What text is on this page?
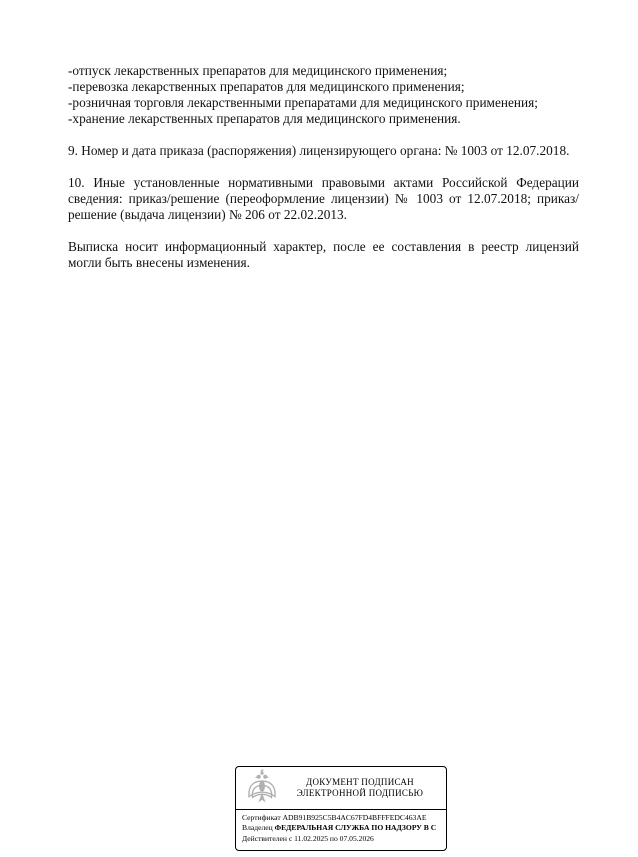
-отпуск лекарственных препаратов для медицинского применения;
-перевозка лекарственных препаратов для медицинского применения;
-розничная торговля лекарственными препаратами для медицинского применения;
-хранение лекарственных препаратов для медицинского применения.

9. Номер и дата приказа (распоряжения) лицензирующего органа: № 1003 от 12.07.2018.

10. Иные установленные нормативными правовыми актами Российской Федерации сведения: приказ/решение (переоформление лицензии) № 1003 от 12.07.2018; приказ/решение (выдача лицензии) № 206 от 22.02.2013.

Выписка носит информационный характер, после ее составления в реестр лицензий могли быть внесены изменения.

ДОКУМЕНТ ПОДПИСАН
ЭЛЕКТРОННОЙ ПОДПИСЬЮ
Сертификат ADB91B925C5B4AC67FD4BFFFEDC463AE
Владелец ФЕДЕРАЛЬНАЯ СЛУЖБА ПО НАДЗОРУ В С
Действителен с 11.02.2025 по 07.05.2026
